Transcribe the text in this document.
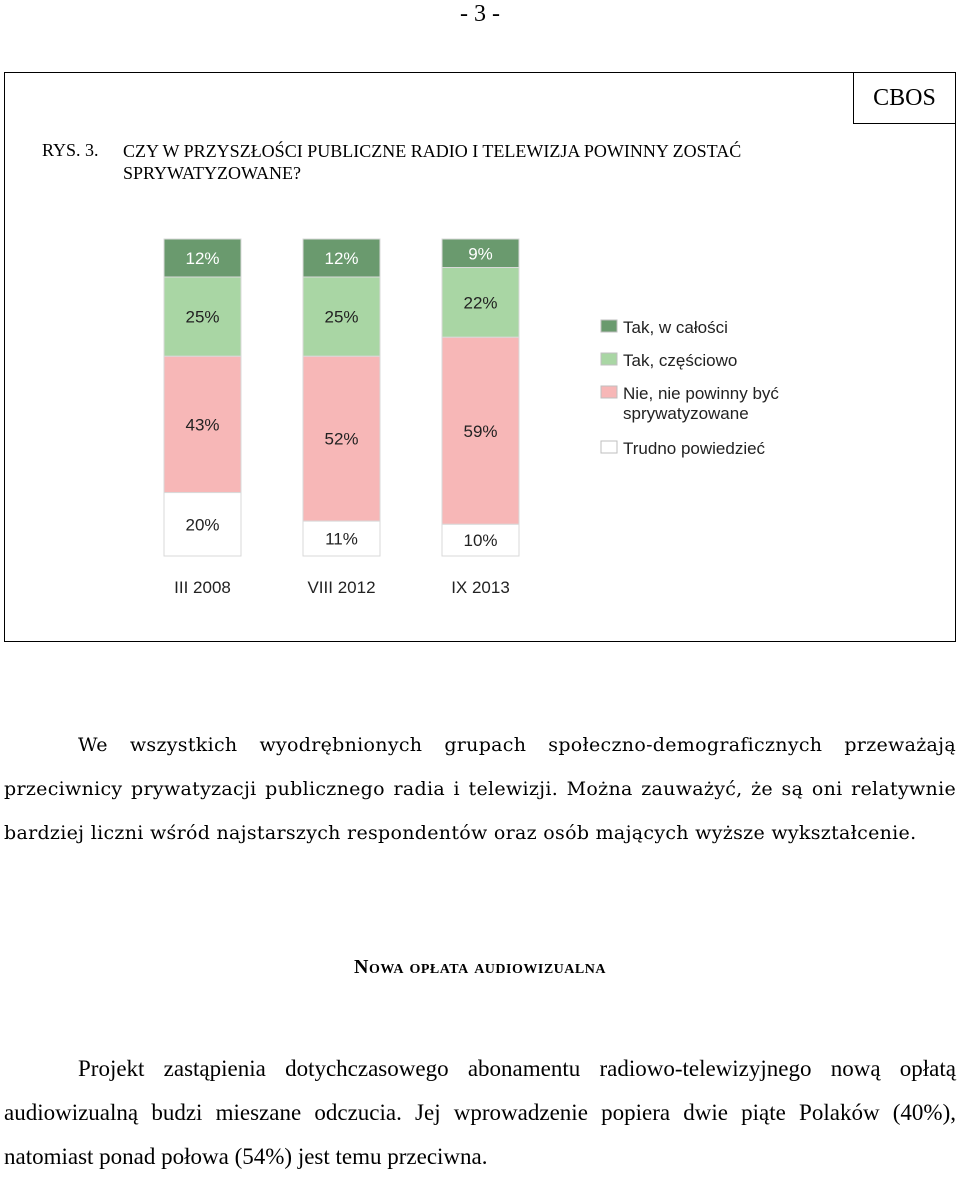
- 3 -
CBOS
RYS. 3. CZY W PRZYSZŁOŚCI PUBLICZNE RADIO I TELEWIZJA POWINNY ZOSTAĆ SPRYWATYZOWANE?
12%
25%
43%
20%
12%
25%
52%
11%
9%
22%
59%
10%
III 2008	VIII 2012	IX 2013
Tak, w całości
Tak, częściowo
Nie, nie powinny być sprywatyzowane
Trudno powiedzieć
We wszystkich wyodrębnionych grupach społeczno-demograficznych przeważają przeciwnicy prywatyzacji publicznego radia i telewizji. Można zauważyć, że są oni relatywnie bardziej liczni wśród najstarszych respondentów oraz osób mających wyższe wykształcenie.
Nowa opłata audiowizualna
Projekt zastąpienia dotychczasowego abonamentu radiowo-telewizyjnego nową opłatą audiowizualną budzi mieszane odczucia. Jej wprowadzenie popiera dwie piąte Polaków (40%), natomiast ponad połowa (54%) jest temu przeciwna.
